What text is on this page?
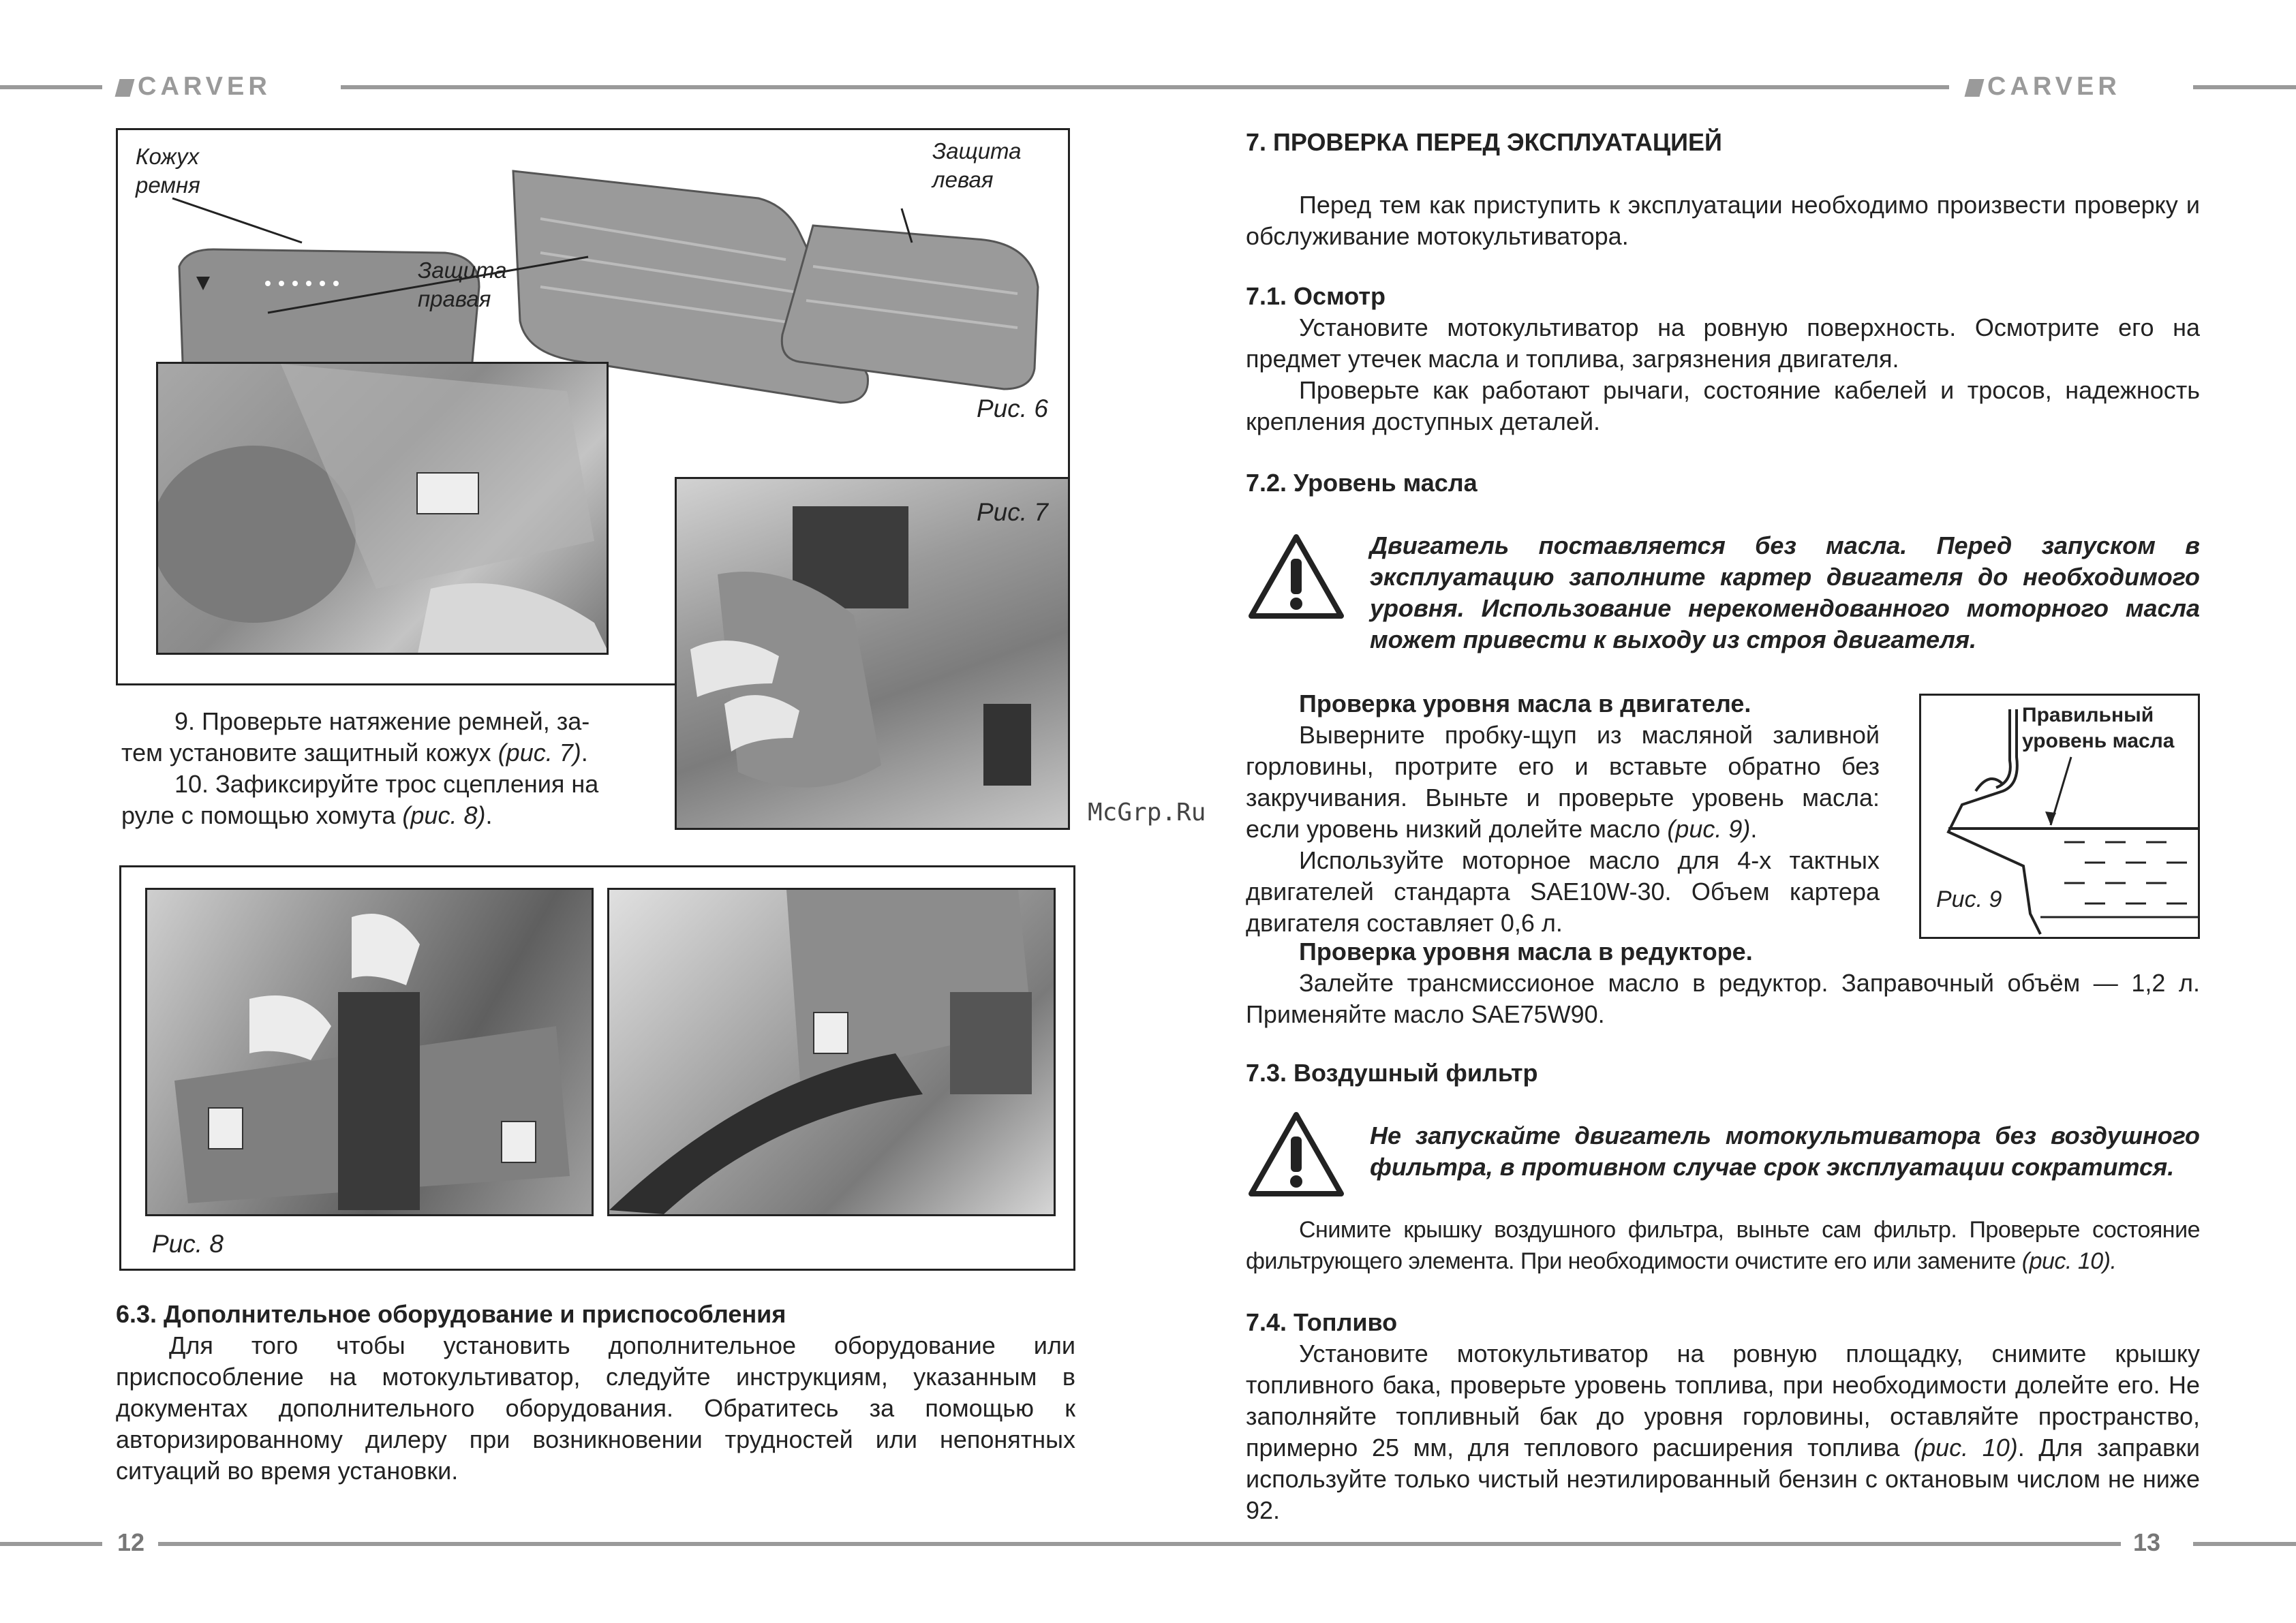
CARVER	CARVER
Кожух
ремня
Защита
правая
Защита
левая
Рис. 6
Рис. 7
9. Проверьте натяжение ремней, за-
тем установите защитный кожух (рис. 7).
10. Зафиксируйте трос сцепления на
руле с помощью хомута (рис. 8).
Рис. 8
6.3. Дополнительное оборудование и приспособления

Для того чтобы установить дополнительное оборудование или приспособление на мотокультиватор, следуйте инструкциям, указанным в документах дополнительного оборудования. Обратитесь за помощью к авторизированному дилеру при возникновении трудностей или непонятных ситуаций во время установки.

McGrp.Ru
7. ПРОВЕРКА ПЕРЕД ЭКСПЛУАТАЦИЕЙ

Перед тем как приступить к эксплуатации необходимо произвести проверку и обслуживание мотокультиватора.

7.1. Осмотр

Установите мотокультиватор на ровную поверхность. Осмотрите его на предмет утечек масла и топлива, загрязнения двигателя.

Проверьте как работают рычаги, состояние кабелей и тросов, надежность крепления доступных деталей.

7.2. Уровень масла
Двигатель поставляется без масла. Перед запуском в эксплуатацию заполните картер двигателя до необходимого уровня. Использование нерекомендованного моторного масла может привести к выходу из строя двигателя.

Проверка уровня масла в двигателе.

Выверните пробку-щуп из масляной заливной горловины, протрите его и вставьте обратно без закручивания. Выньте и проверьте уровень масла: если уровень низкий долейте масло (рис. 9).

Используйте моторное масло для 4-х тактных двигателей стандарта SAE10W-30. Объем картера двигателя составляет 0,6 л.

Правильный
уровень масла
Рис. 9

Проверка уровня масла в редукторе.

Залейте трансмиссионое масло в редуктор. Заправочный объём — 1,2 л. Применяйте масло SAE75W90.

7.3. Воздушный фильтр
Не запускайте двигатель мотокультиватора без воздушного фильтра, в противном случае срок эксплуатации сократится.

Снимите крышку воздушного фильтра, выньте сам фильтр. Проверьте состояние фильтрующего элемента. При необходимости очистите его или замените (рис. 10).

7.4. Топливо

Установите мотокультиватор на ровную площадку, снимите крышку топливного бака, проверьте уровень топлива, при необходимости долейте его. Не заполняйте топливный бак до уровня горловины, оставляйте пространство, примерно 25 мм, для теплового расширения топлива (рис. 10). Для заправки используйте только чистый неэтилированный бензин с октановым числом не ниже 92.

12	13
